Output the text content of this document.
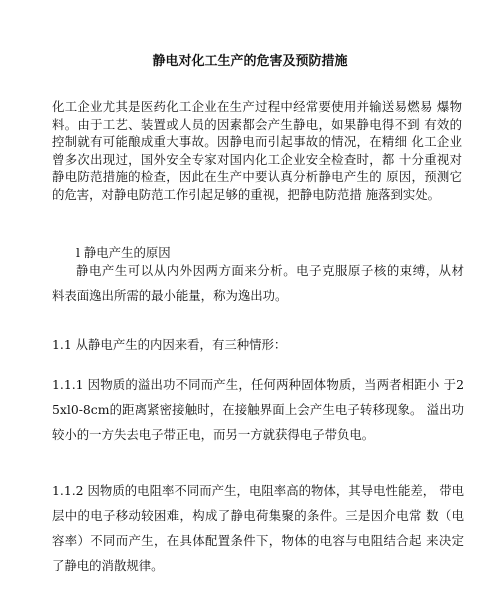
静电对化工生产的危害及预防措施

化工企业尤其是医药化工企业在生产过程中经常要使用并输送易燃易 爆物料。由于工艺、装置或人员的因素都会产生静电，如果静电得不到 有效的控制就有可能酿成重大事故。因静电而引起事故的情况，在精细 化工企业曾多次出现过，国外安全专家对国内化工企业安全检查时，都 十分重视对静电防范措施的检查，因此在生产中要认真分析静电产生的 原因，预测它的危害，对静电防范工作引起足够的重视，把静电防范措 施落到实处。

l 静电产生的原因

静电产生可以从内外因两方面来分析。电子克服原子核的束缚，从材 料表面逸出所需的最小能量，称为逸出功。

1.1 从静电产生的内因来看，有三种情形：

1.1.1 因物质的溢出功不同而产生，任何两种固体物质，当两者相距小 于25xl0-8cm的距离紧密接触时，在接触界面上会产生电子转移现象。 溢出功较小的一方失去电子带正电，而另一方就获得电子带负电。

1.1.2 因物质的电阻率不同而产生，电阻率高的物体，其导电性能差， 带电层中的电子移动较困难，构成了静电荷集聚的条件。三是因介电常 数（电容率）不同而产生，在具体配置条件下，物体的电容与电阻结合起 来决定了静电的消散规律。
